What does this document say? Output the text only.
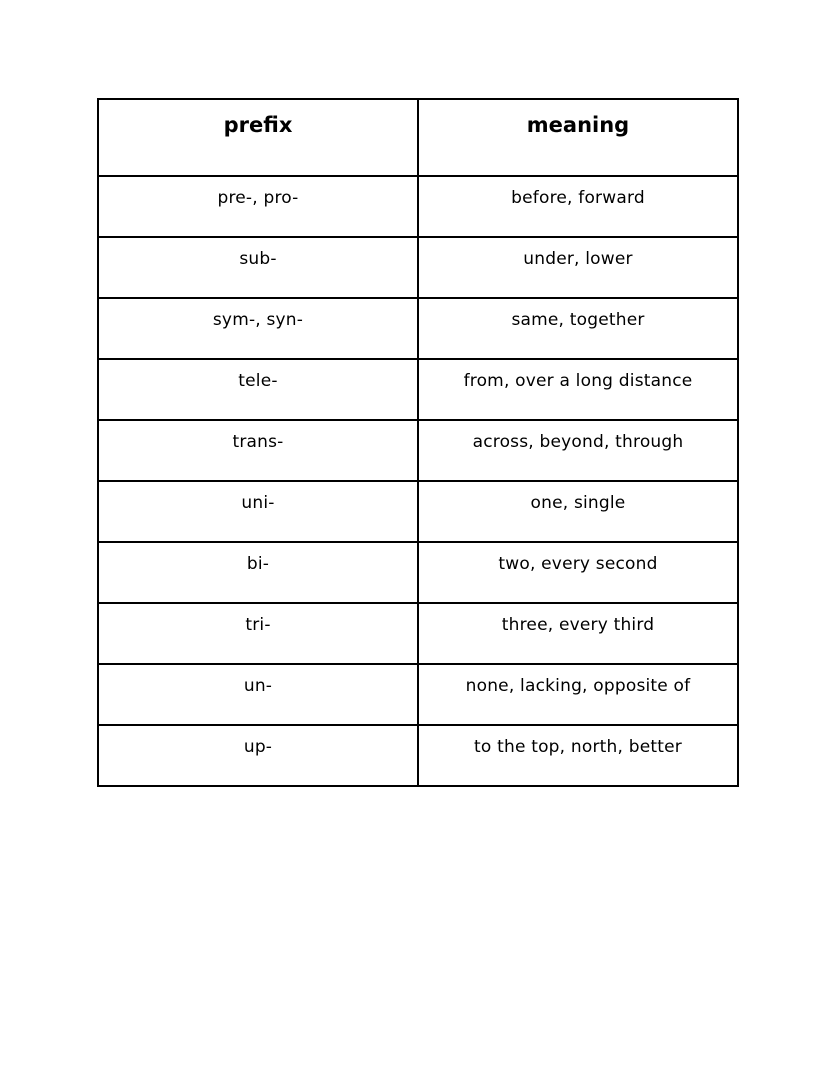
prefix	meaning
pre-, pro-	before, forward
sub-	under, lower
sym-, syn-	same, together
tele-	from, over a long distance
trans-	across, beyond, through
uni-	one, single
bi-	two, every second
tri-	three, every third
un-	none, lacking, opposite of
up-	to the top, north, better
